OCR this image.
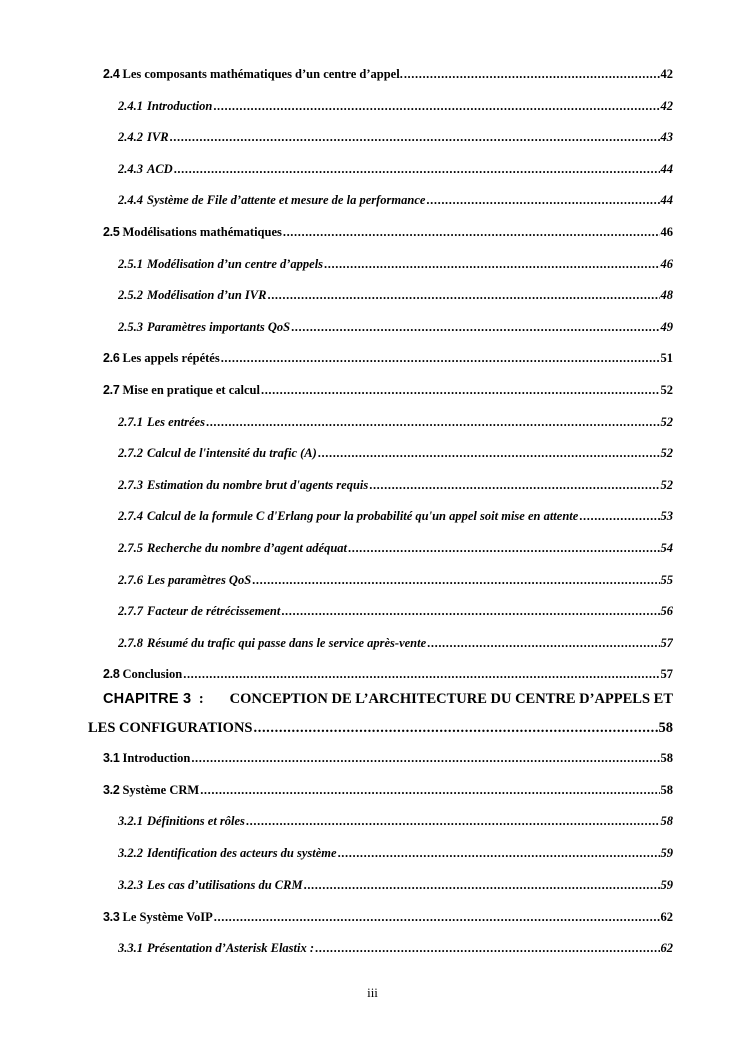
2.4 Les composants mathématiques d’un centre d’appel. .....	42
2.4.1 Introduction .....	42
2.4.2 IVR .....	43
2.4.3 ACD .....	44
2.4.4 Système de File d’attente et mesure de la performance .....	44
2.5 Modélisations mathématiques .....	46
2.5.1 Modélisation d’un centre d’appels .....	46
2.5.2 Modélisation d’un IVR .....	48
2.5.3 Paramètres importants QoS .....	49
2.6 Les appels répétés .....	51
2.7 Mise en pratique et calcul .....	52
2.7.1 Les entrées .....	52
2.7.2 Calcul de l'intensité du trafic (A) .....	52
2.7.3 Estimation du nombre brut d'agents requis .....	52
2.7.4 Calcul de la formule C d'Erlang pour la probabilité qu'un appel soit mise en attente .....	53
2.7.5 Recherche du nombre d’agent adéquat .....	54
2.7.6 Les paramètres QoS .....	55
2.7.7 Facteur de rétrécissement .....	56
2.7.8 Résumé du trafic qui passe dans le service après-vente .....	57
2.8 Conclusion .....	57
CHAPITRE 3 : CONCEPTION DE L’ARCHITECTURE DU CENTRE D’APPELS ET
LES CONFIGURATIONS .....	58
3.1 Introduction .....	58
3.2 Système CRM .....	58
3.2.1 Définitions et rôles .....	58
3.2.2 Identification des acteurs du système .....	59
3.2.3 Les cas d’utilisations du CRM .....	59
3.3 Le Système VoIP .....	62
3.3.1 Présentation d’Asterisk Elastix : .....	62
iii
